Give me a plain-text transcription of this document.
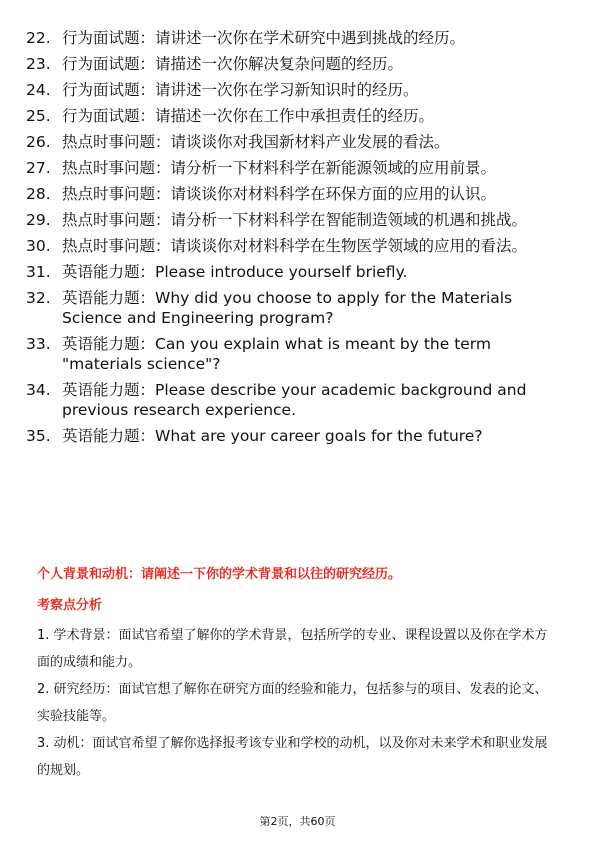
22. 行为面试题：请讲述一次你在学术研究中遇到挑战的经历。
23. 行为面试题：请描述一次你解决复杂问题的经历。
24. 行为面试题：请讲述一次你在学习新知识时的经历。
25. 行为面试题：请描述一次你在工作中承担责任的经历。
26. 热点时事问题：请谈谈你对我国新材料产业发展的看法。
27. 热点时事问题：请分析一下材料科学在新能源领域的应用前景。
28. 热点时事问题：请谈谈你对材料科学在环保方面的应用的认识。
29. 热点时事问题：请分析一下材料科学在智能制造领域的机遇和挑战。
30. 热点时事问题：请谈谈你对材料科学在生物医学领域的应用的看法。
31. 英语能力题：Please introduce yourself briefly.
32. 英语能力题：Why did you choose to apply for the Materials Science and Engineering program?
33. 英语能力题：Can you explain what is meant by the term "materials science"?
34. 英语能力题：Please describe your academic background and previous research experience.
35. 英语能力题：What are your career goals for the future?
个人背景和动机：请阐述一下你的学术背景和以往的研究经历。
考察点分析

1. 学术背景：面试官希望了解你的学术背景，包括所学的专业、课程设置以及你在学术方面的成绩和能力。

2. 研究经历：面试官想了解你在研究方面的经验和能力，包括参与的项目、发表的论文、实验技能等。

3. 动机：面试官希望了解你选择报考该专业和学校的动机，以及你对未来学术和职业发展的规划。

第2页，共60页
